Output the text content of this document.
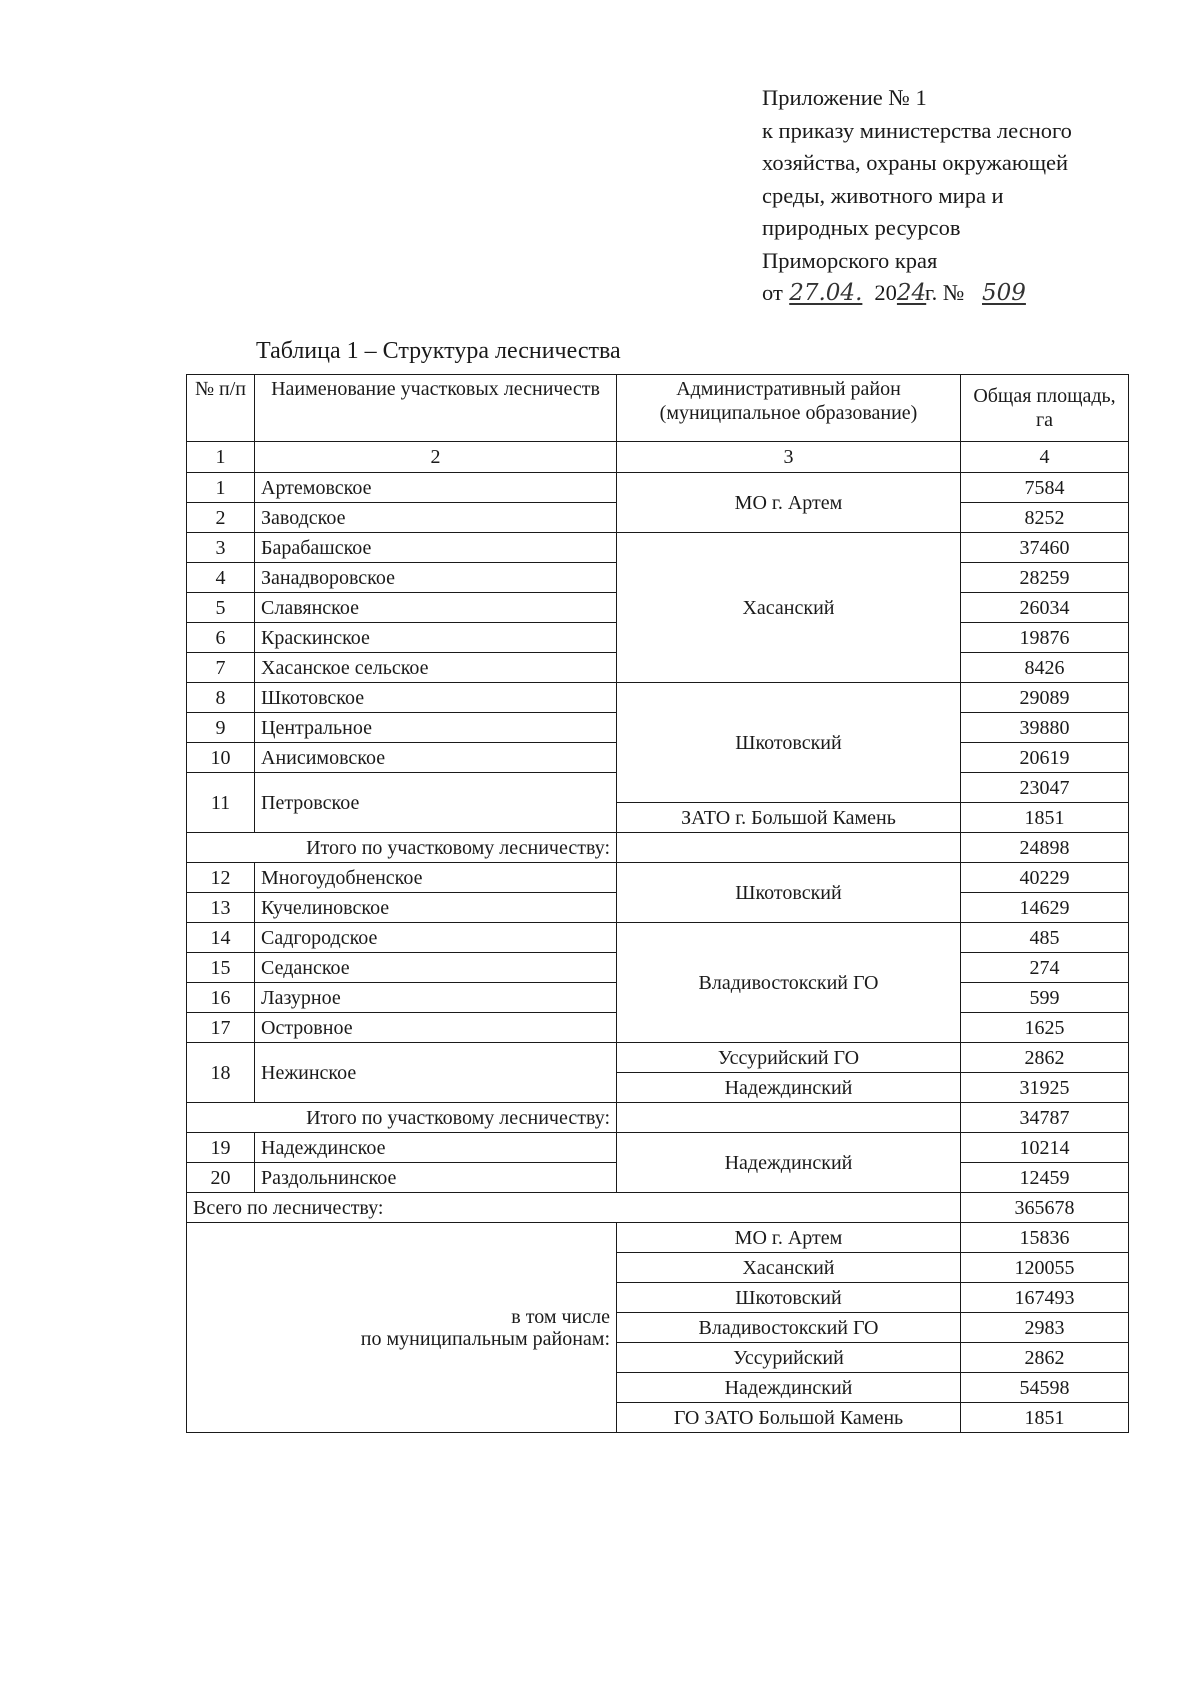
Приложение № 1
к приказу министерства лесного
хозяйства, охраны окружающей
среды, животного мира и
природных ресурсов
Приморского края
от 27.04. 2024г. № 509
Таблица 1 – Структура лесничества
№ п/п	Наименование участковых лесничеств	Административный район (муниципальное образование)	Общая площадь, га
1	2	3	4
1	Артемовское	МО г. Артем	7584
2	Заводское		8252
3	Барабашское	Хасанский	37460
4	Занадворовское		28259
5	Славянское		26034
6	Краскинское		19876
7	Хасанское сельское		8426
8	Шкотовское	Шкотовский	29089
9	Центральное		39880
10	Анисимовское		20619
11	Петровское		23047
		ЗАТО г. Большой Камень	1851
Итого по участковому лесничеству:			24898
12	Многоудобненское	Шкотовский	40229
13	Кучелиновское		14629
14	Садгородское	Владивостокский ГО	485
15	Седанское		274
16	Лазурное		599
17	Островное		1625
18	Нежинское	Уссурийский ГО	2862
		Надеждинский	31925
Итого по участковому лесничеству:			34787
19	Надеждинское	Надеждинский	10214
20	Раздольнинское		12459
Всего по лесничеству:			365678

в том числе
по муниципальным районам:		МО г. Артем	15836
		Хасанский	120055
		Шкотовский	167493
		Владивостокский ГО	2983
		Уссурийский	2862
		Надеждинский	54598
		ГО ЗАТО Большой Камень	1851
